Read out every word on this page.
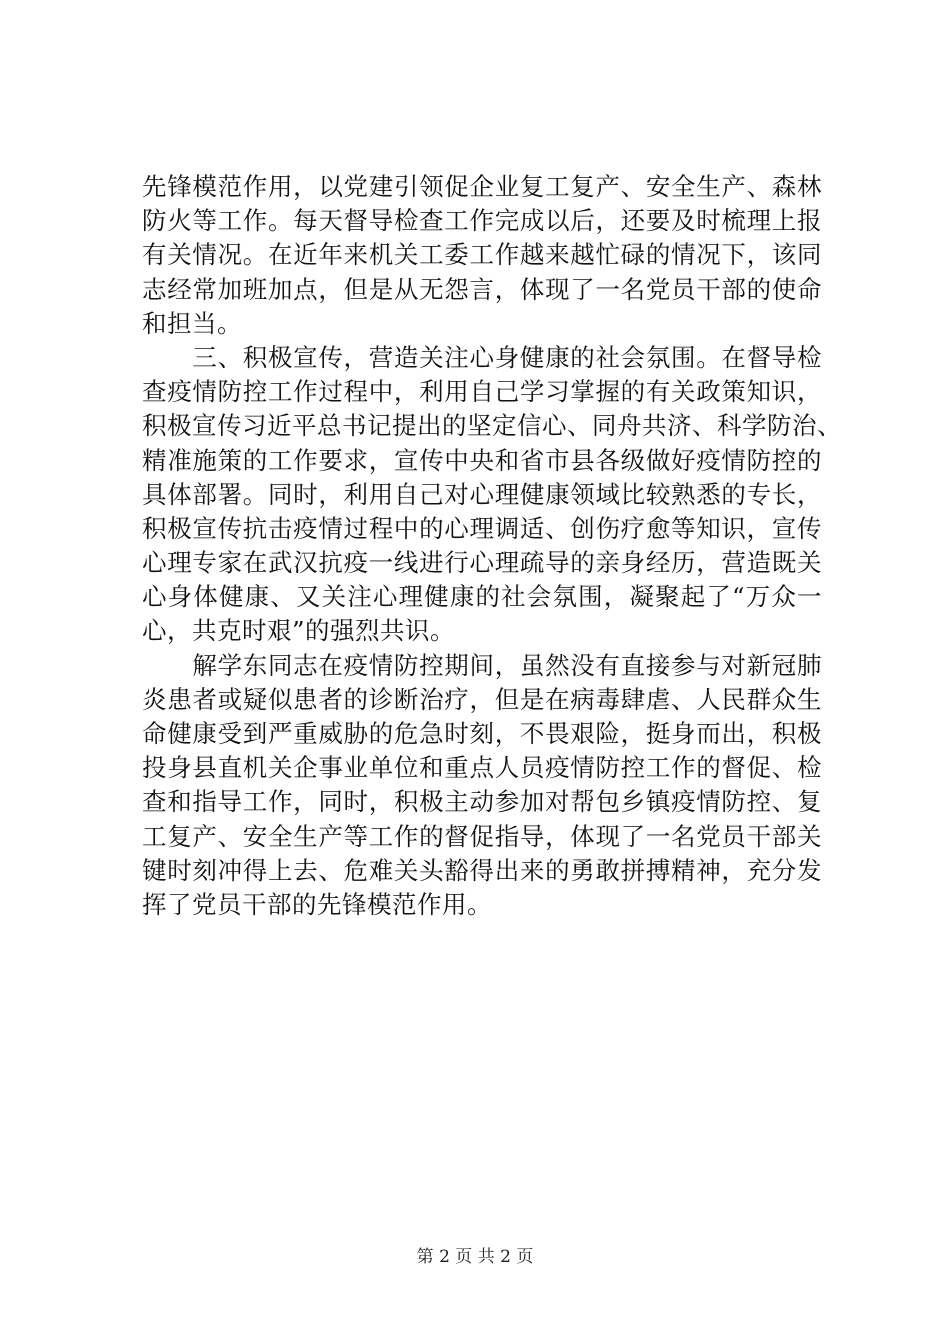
先锋模范作用，以党建引领促企业复工复产、安全生产、森林
防火等工作。每天督导检查工作完成以后，还要及时梳理上报
有关情况。在近年来机关工委工作越来越忙碌的情况下，该同
志经常加班加点，但是从无怨言，体现了一名党员干部的使命
和担当。
　　三、积极宣传，营造关注心身健康的社会氛围。在督导检
查疫情防控工作过程中，利用自己学习掌握的有关政策知识，
积极宣传习近平总书记提出的坚定信心、同舟共济、科学防治、
精准施策的工作要求，宣传中央和省市县各级做好疫情防控的
具体部署。同时，利用自己对心理健康领域比较熟悉的专长，
积极宣传抗击疫情过程中的心理调适、创伤疗愈等知识，宣传
心理专家在武汉抗疫一线进行心理疏导的亲身经历，营造既关
心身体健康、又关注心理健康的社会氛围，凝聚起了“万众一
心，共克时艰”的强烈共识。
　　解学东同志在疫情防控期间，虽然没有直接参与对新冠肺
炎患者或疑似患者的诊断治疗，但是在病毒肆虐、人民群众生
命健康受到严重威胁的危急时刻，不畏艰险，挺身而出，积极
投身县直机关企事业单位和重点人员疫情防控工作的督促、检
查和指导工作，同时，积极主动参加对帮包乡镇疫情防控、复
工复产、安全生产等工作的督促指导，体现了一名党员干部关
键时刻冲得上去、危难关头豁得出来的勇敢拼搏精神，充分发
挥了党员干部的先锋模范作用。
第 2 页 共 2 页
